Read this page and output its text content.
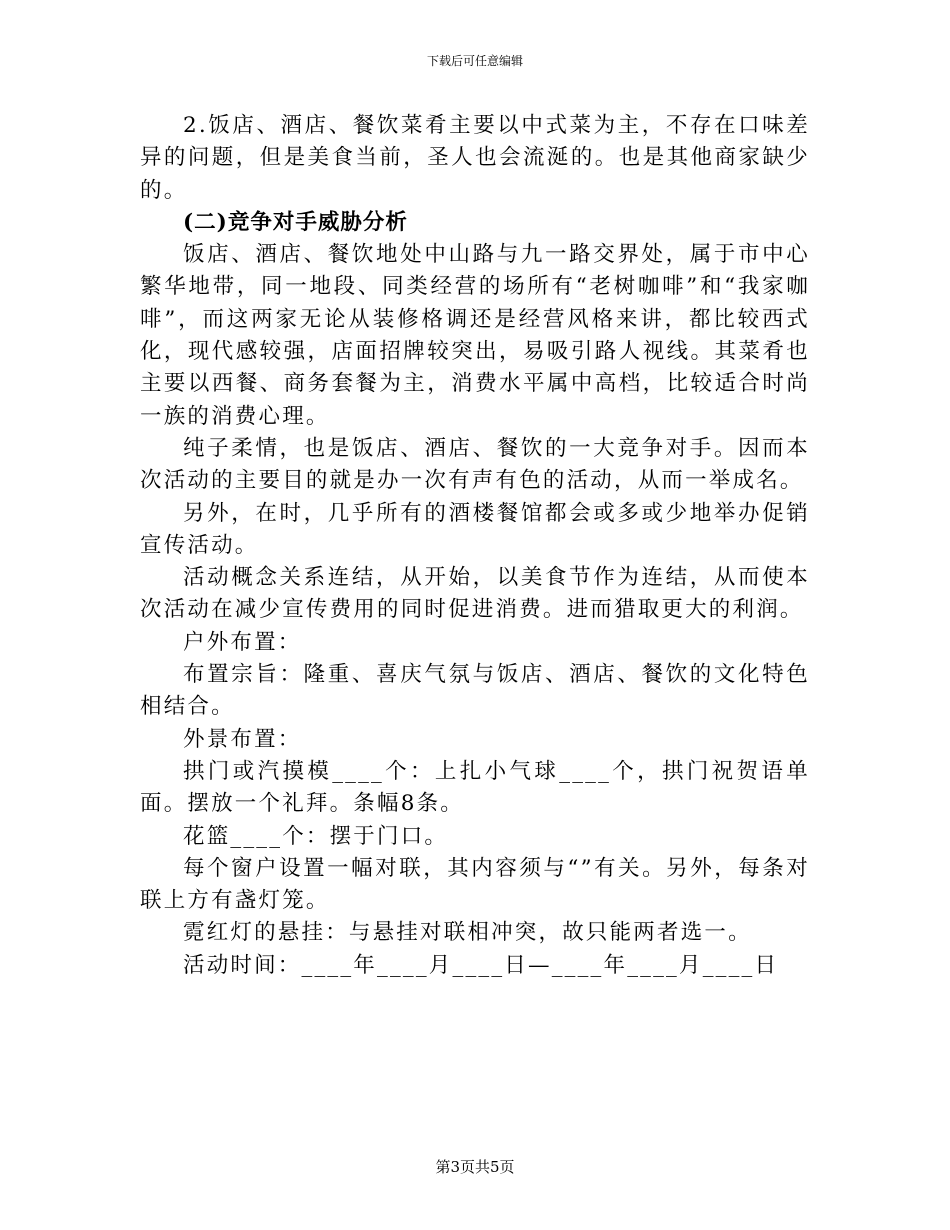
下载后可任意编辑

2.饭店、酒店、餐饮菜肴主要以中式菜为主，不存在口味差异的问题，但是美食当前，圣人也会流涎的。也是其他商家缺少的。

(二)竞争对手威胁分析

饭店、酒店、餐饮地处中山路与九一路交界处，属于市中心繁华地带，同一地段、同类经营的场所有“老树咖啡”和“我家咖啡”，而这两家无论从装修格调还是经营风格来讲，都比较西式化，现代感较强，店面招牌较突出，易吸引路人视线。其菜肴也主要以西餐、商务套餐为主，消费水平属中高档，比较适合时尚一族的消费心理。

纯子柔情，也是饭店、酒店、餐饮的一大竞争对手。因而本次活动的主要目的就是办一次有声有色的活动，从而一举成名。

另外，在时，几乎所有的酒楼餐馆都会或多或少地举办促销宣传活动。

活动概念关系连结，从开始，以美食节作为连结，从而使本次活动在减少宣传费用的同时促进消费。进而猎取更大的利润。

户外布置：

布置宗旨：隆重、喜庆气氛与饭店、酒店、餐饮的文化特色相结合。

外景布置：

拱门或汽摸模____个：上扎小气球____个，拱门祝贺语单面。摆放一个礼拜。条幅8条。

花篮____个：摆于门口。

每个窗户设置一幅对联，其内容须与“”有关。另外，每条对联上方有盏灯笼。

霓红灯的悬挂：与悬挂对联相冲突，故只能两者选一。

活动时间：____年____月____日—____年____月____日

第3页共5页
